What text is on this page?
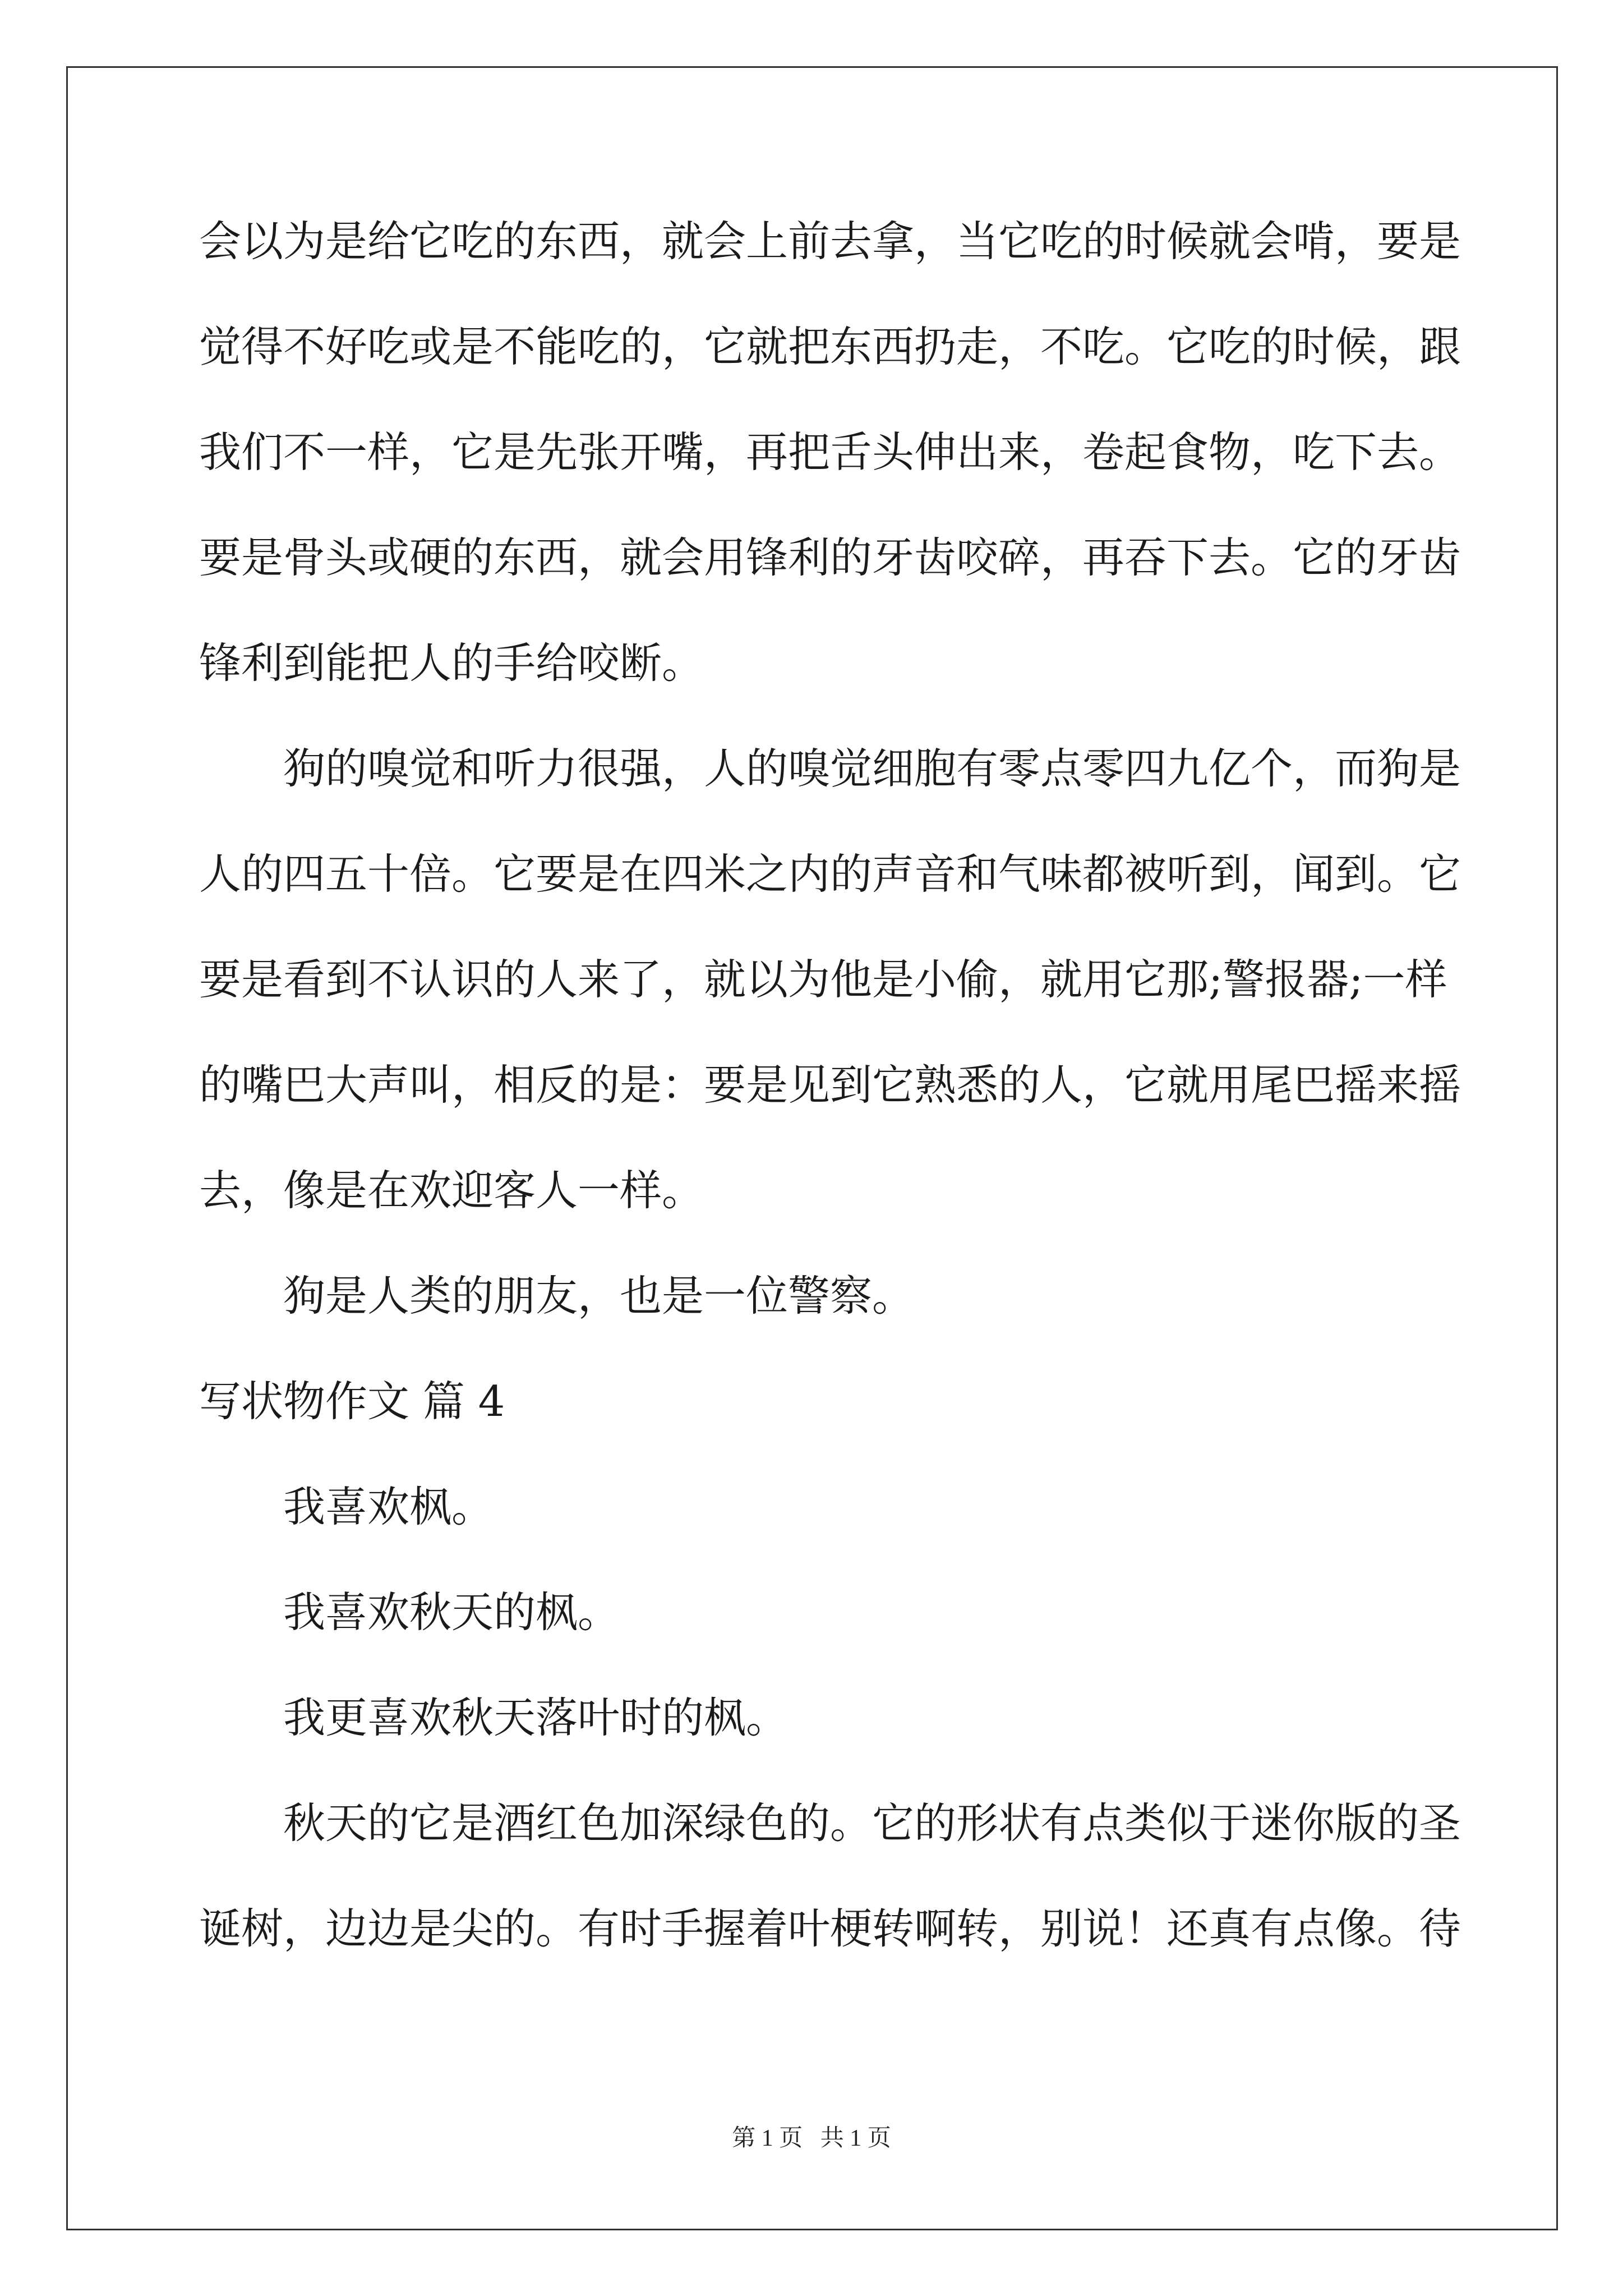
会以为是给它吃的东西，就会上前去拿，当它吃的时候就会啃，要是
觉得不好吃或是不能吃的，它就把东西扔走，不吃。它吃的时候，跟
我们不一样，它是先张开嘴，再把舌头伸出来，卷起食物，吃下去。
要是骨头或硬的东西，就会用锋利的牙齿咬碎，再吞下去。它的牙齿
锋利到能把人的手给咬断。
狗的嗅觉和听力很强，人的嗅觉细胞有零点零四九亿个，而狗是
人的四五十倍。它要是在四米之内的声音和气味都被听到，闻到。它
要是看到不认识的人来了，就以为他是小偷，就用它那;警报器;一样
的嘴巴大声叫，相反的是：要是见到它熟悉的人，它就用尾巴摇来摇
去，像是在欢迎客人一样。
狗是人类的朋友，也是一位警察。
写状物作文 篇 4
我喜欢枫。
我喜欢秋天的枫。
我更喜欢秋天落叶时的枫。
秋天的它是酒红色加深绿色的。它的形状有点类似于迷你版的圣
诞树，边边是尖的。有时手握着叶梗转啊转，别说！还真有点像。待
第 1 页 共 1 页
